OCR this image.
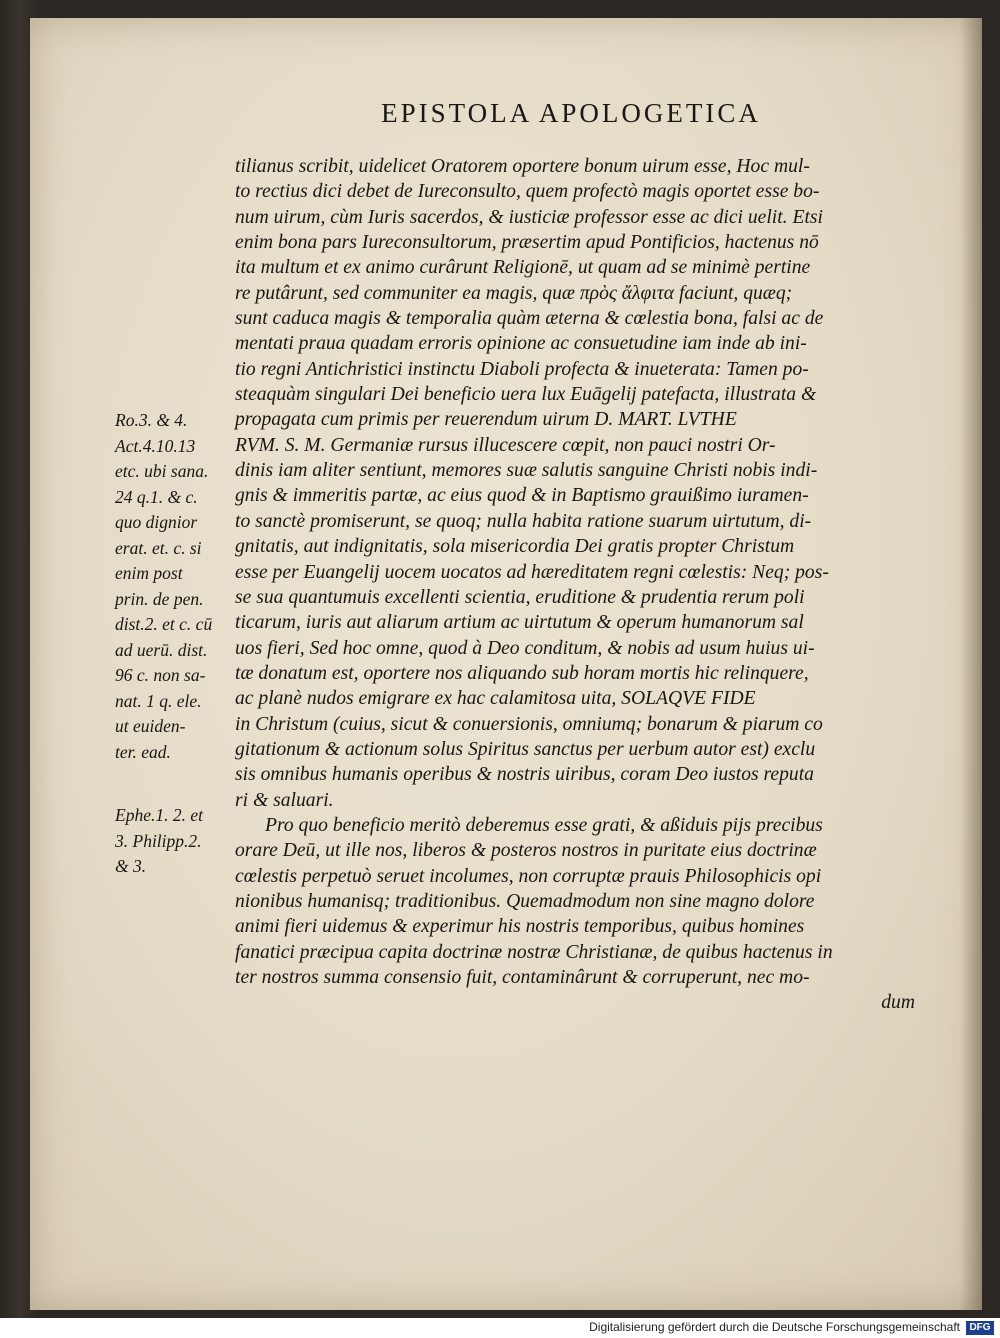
EPISTOLA APOLOGETICA
tilianus scribit, uidelicet Oratorem oportere bonum uirum esse, Hoc mul-
to rectius dici debet de Iureconsulto, quem profectò magis oportet esse bo-
num uirum, cùm Iuris sacerdos, & iusticiæ professor esse ac dici uelit. Etsi
enim bona pars Iureconsultorum, præsertim apud Pontificios, hactenus nō
ita multum et ex animo curârunt Religionē, ut quam ad se minimè pertine
re putârunt, sed communiter ea magis, quæ πρὸς ἄλφιτα faciunt, quæq;
sunt caduca magis & temporalia quàm æterna & cœlestia bona, falsi ac de
mentati praua quadam erroris opinione ac consuetudine iam inde ab ini-
tio regni Antichristici instinctu Diaboli profecta & inueterata: Tamen po-
steaquàm singulari Dei beneficio uera lux Euāgelij patefacta, illustrata &
propagata cum primis per reuerendum uirum D. MART. LVTHE
RVM. S. M. Germaniæ rursus illucescere cœpit, non pauci nostri Or-
dinis iam aliter sentiunt, memores suæ salutis sanguine Christi nobis indi-
gnis & immeritis partæ, ac eius quod & in Baptismo grauißimo iuramen-
to sanctè promiserunt, se quoq; nulla habita ratione suarum uirtutum, di-
gnitatis, aut indignitatis, sola misericordia Dei gratis propter Christum
esse per Euangelij uocem uocatos ad hæreditatem regni cœlestis: Neq; pos-
se sua quantumuis excellenti scientia, eruditione & prudentia rerum poli
ticarum, iuris aut aliarum artium ac uirtutum & operum humanorum sal
uos fieri, Sed hoc omne, quod à Deo conditum, & nobis ad usum huius ui-
tæ donatum est, oportere nos aliquando sub horam mortis hic relinquere,
ac planè nudos emigrare ex hac calamitosa uita, SOLAQVE FIDE
in Christum (cuius, sicut & conuersionis, omniumq; bonarum & piarum co
gitationum & actionum solus Spiritus sanctus per uerbum autor est) exclu
sis omnibus humanis operibus & nostris uiribus, coram Deo iustos reputa
ri & saluari.
Pro quo beneficio meritò deberemus esse grati, & aßiduis pijs precibus
orare Deū, ut ille nos, liberos & posteros nostros in puritate eius doctrinæ
cœlestis perpetuò seruet incolumes, non corruptæ prauis Philosophicis opi
nionibus humanisq; traditionibus. Quemadmodum non sine magno dolore
animi fieri uidemus & experimur his nostris temporibus, quibus homines
fanatici præcipua capita doctrinæ nostræ Christianæ, de quibus hactenus in
ter nostros summa consensio fuit, contaminârunt & corruperunt, nec mo-
dum
Ro.3. & 4.
Act.4.10.13
etc. ubi sana.
24 q.1. & c.
quo dignior
erat. et. c. si
enim post
prin. de pen.
dist.2. et c. cū
ad uerū. dist.
96 c. non sa-
nat. 1 q. ele.
ut euiden-
ter. ead.
Ephe.1. 2. et
3. Philipp.2.
& 3.
Digitalisierung gefördert durch die Deutsche Forschungsgemeinschaft DFG
